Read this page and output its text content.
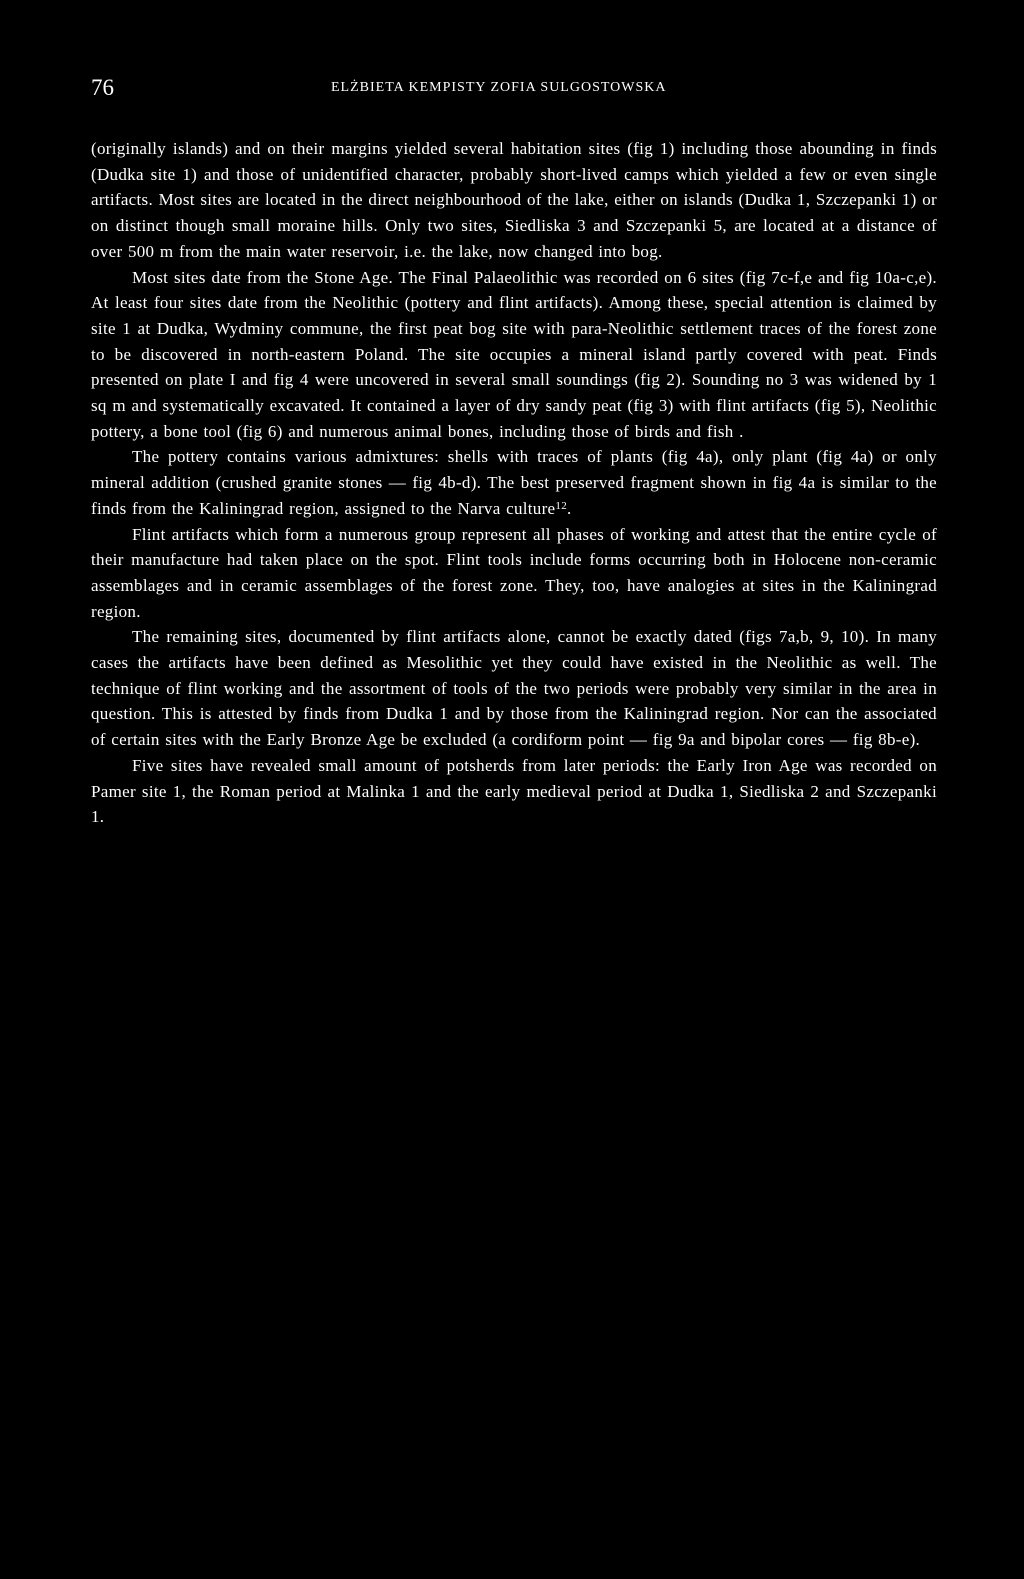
76	ELŻBIETA KEMPISTY ZOFIA SULGOSTOWSKA

(originally islands) and on their margins yielded several habitation sites (fig 1) including those abounding in finds (Dudka site 1) and those of unidentified character, probably short-lived camps which yielded a few or even single artifacts. Most sites are located in the direct neighbourhood of the lake, either on islands (Dudka 1, Szczepanki 1) or on distinct though small moraine hills. Only two sites, Siedliska 3 and Szczepanki 5, are located at a distance of over 500 m from the main water reservoir, i.e. the lake, now changed into bog.

Most sites date from the Stone Age. The Final Palaeolithic was recorded on 6 sites (fig 7c-f,e and fig 10a-c,e). At least four sites date from the Neolithic (pottery and flint artifacts). Among these, special attention is claimed by site 1 at Dudka, Wydminy commune, the first peat bog site with para-Neolithic settlement traces of the forest zone to be discovered in north-eastern Poland. The site occupies a mineral island partly covered with peat. Finds presented on plate I and fig 4 were uncovered in several small soundings (fig 2). Sounding no 3 was widened by 1 sq m and systematically excavated. It contained a layer of dry sandy peat (fig 3) with flint artifacts (fig 5), Neolithic pottery, a bone tool (fig 6) and numerous animal bones, including those of birds and fish .

The pottery contains various admixtures: shells with traces of plants (fig 4a), only plant (fig 4a) or only mineral addition (crushed granite stones — fig 4b-d). The best preserved fragment shown in fig 4a is similar to the finds from the Kaliningrad region, assigned to the Narva culture$^{12}$.

Flint artifacts which form a numerous group represent all phases of working and attest that the entire cycle of their manufacture had taken place on the spot. Flint tools include forms occurring both in Holocene non-ceramic assemblages and in ceramic assemblages of the forest zone. They, too, have analogies at sites in the Kaliningrad region.

The remaining sites, documented by flint artifacts alone, cannot be exactly dated (figs 7a,b, 9, 10). In many cases the artifacts have been defined as Mesolithic yet they could have existed in the Neolithic as well. The technique of flint working and the assortment of tools of the two periods were probably very similar in the area in question. This is attested by finds from Dudka 1 and by those from the Kaliningrad region. Nor can the associated of certain sites with the Early Bronze Age be excluded (a cordiform point — fig 9a and bipolar cores — fig 8b-e).

Five sites have revealed small amount of potsherds from later periods: the Early Iron Age was recorded on Pamer site 1, the Roman period at Malinka 1 and the early medieval period at Dudka 1, Siedliska 2 and Szczepanki 1.
